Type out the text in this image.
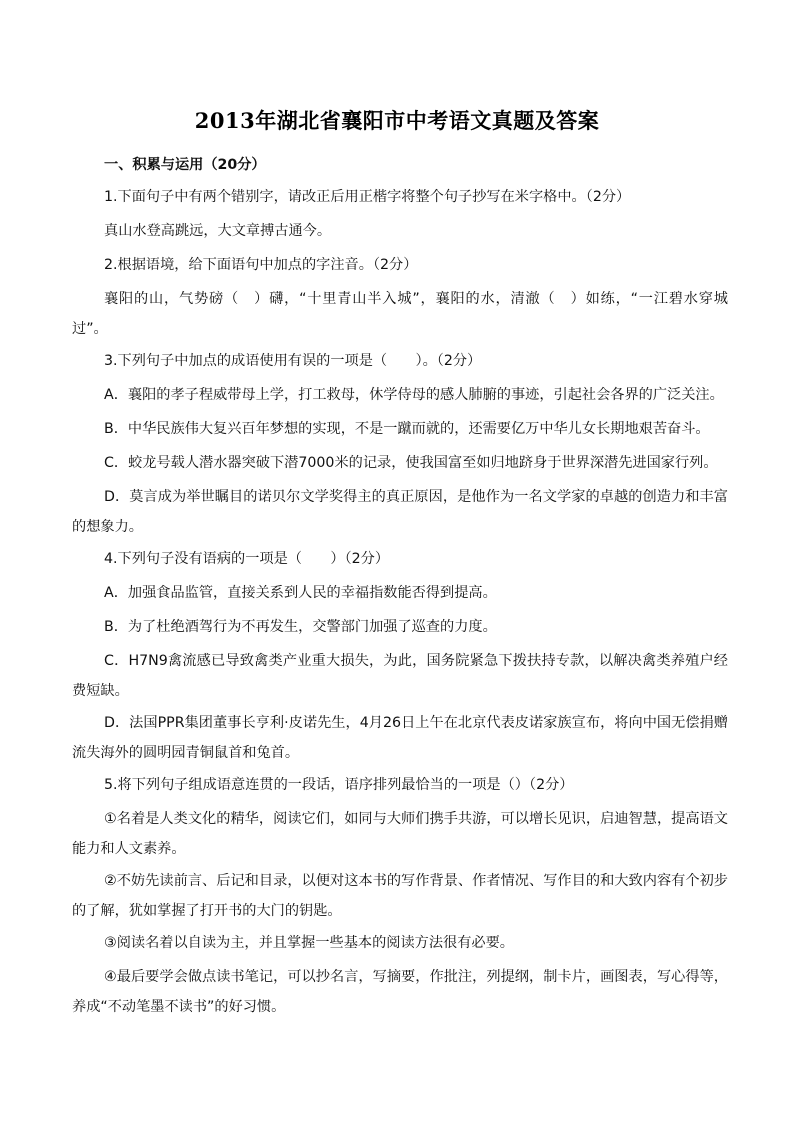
2013年湖北省襄阳市中考语文真题及答案

一、积累与运用（20分）

1.下面句子中有两个错别字，请改正后用正楷字将整个句子抄写在米字格中。（2分）

真山水登高跳远，大文章搏古通今。

2.根据语境，给下面语句中加点的字注音。（2分）

襄阳的山，气势磅（　）礴，“十里青山半入城”，襄阳的水，清澈（　）如练，“一江碧水穿城过”。

3.下列句子中加点的成语使用有误的一项是（　　）。（2分）

A．襄阳的孝子程威带母上学，打工救母，休学侍母的感人肺腑的事迹，引起社会各界的广泛关注。

B．中华民族伟大复兴百年梦想的实现，不是一蹴而就的，还需要亿万中华儿女长期地艰苦奋斗。

C．蛟龙号载人潜水器突破下潜7000米的记录，使我国富至如归地跻身于世界深潜先进国家行列。

D．莫言成为举世瞩目的诺贝尔文学奖得主的真正原因，是他作为一名文学家的卓越的创造力和丰富的想象力。

4.下列句子没有语病的一项是（　　）（2分）

A．加强食品监管，直接关系到人民的幸福指数能否得到提高。

B．为了杜绝酒驾行为不再发生，交警部门加强了巡查的力度。

C．H7N9禽流感已导致禽类产业重大损失，为此，国务院紧急下拨扶持专款，以解决禽类养殖户经费短缺。

D．法国PPR集团董事长亨利·皮诺先生，4月26日上午在北京代表皮诺家族宣布，将向中国无偿捐赠流失海外的圆明园青铜鼠首和兔首。

5.将下列句子组成语意连贯的一段话，语序排列最恰当的一项是（）（2分）

①名着是人类文化的精华，阅读它们，如同与大师们携手共游，可以增长见识，启迪智慧，提高语文能力和人文素养。

②不妨先读前言、后记和目录，以便对这本书的写作背景、作者情况、写作目的和大致内容有个初步的了解，犹如掌握了打开书的大门的钥匙。

③阅读名着以自读为主，并且掌握一些基本的阅读方法很有必要。

④最后要学会做点读书笔记，可以抄名言，写摘要，作批注，列提纲，制卡片，画图表，写心得等，养成“不动笔墨不读书”的好习惯。
